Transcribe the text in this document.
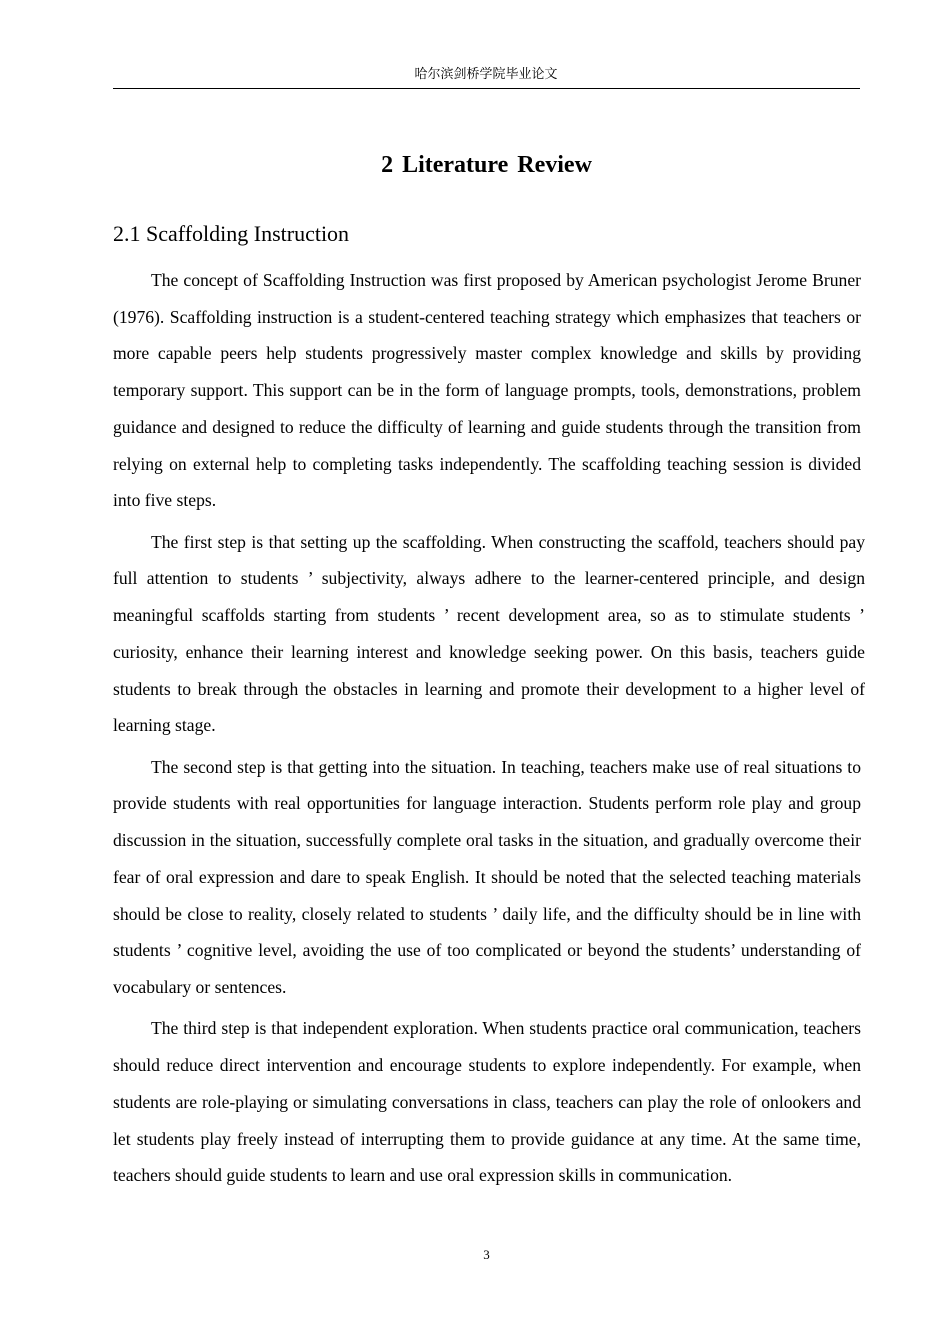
哈尔滨剑桥学院毕业论文
2 Literature Review
2.1 Scaffolding Instruction

The concept of Scaffolding Instruction was first proposed by American psychologist Jerome Bruner (1976). Scaffolding instruction is a student-centered teaching strategy which emphasizes that teachers or more capable peers help students progressively master complex knowledge and skills by providing temporary support. This support can be in the form of language prompts, tools, demonstrations, problem guidance and designed to reduce the difficulty of learning and guide students through the transition from relying on external help to completing tasks independently. The scaffolding teaching session is divided into five steps.

The first step is that setting up the scaffolding. When constructing the scaffold, teachers should pay full attention to students ’ subjectivity, always adhere to the learner-centered principle, and design meaningful scaffolds starting from students ’ recent development area, so as to stimulate students ’ curiosity, enhance their learning interest and knowledge seeking power. On this basis, teachers guide students to break through the obstacles in learning and promote their development to a higher level of learning stage.

The second step is that getting into the situation. In teaching, teachers make use of real situations to provide students with real opportunities for language interaction. Students perform role play and group discussion in the situation, successfully complete oral tasks in the situation, and gradually overcome their fear of oral expression and dare to speak English. It should be noted that the selected teaching materials should be close to reality, closely related to students ’ daily life, and the difficulty should be in line with students ’ cognitive level, avoiding the use of too complicated or beyond the students’ understanding of vocabulary or sentences.

The third step is that independent exploration. When students practice oral communication, teachers should reduce direct intervention and encourage students to explore independently. For example, when students are role-playing or simulating conversations in class, teachers can play the role of onlookers and let students play freely instead of interrupting them to provide guidance at any time. At the same time, teachers should guide students to learn and use oral expression skills in communication.

3
